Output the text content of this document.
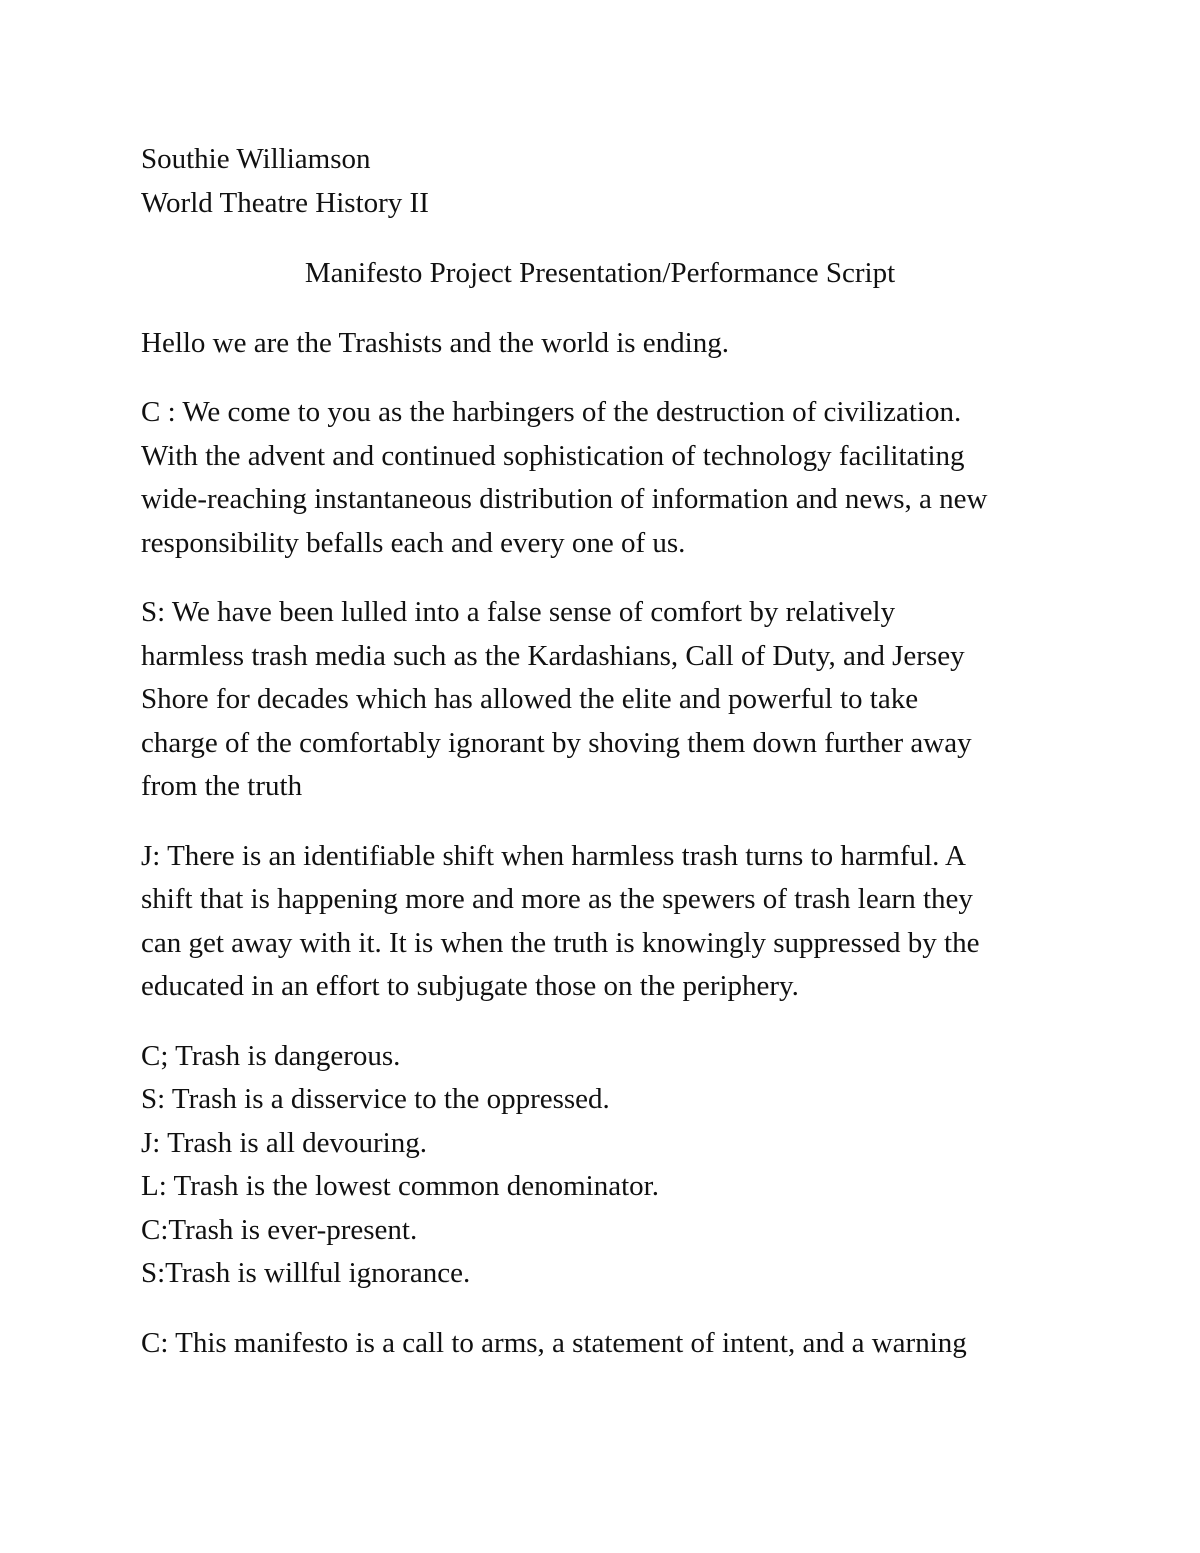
Southie Williamson
World Theatre History II
Manifesto Project Presentation/Performance Script
Hello we are the Trashists and the world is ending.
C : We come to you as the harbingers of the destruction of civilization.
With the advent and continued sophistication of technology facilitating
wide-reaching instantaneous distribution of information and news, a new
responsibility befalls each and every one of us.
S: We have been lulled into a false sense of comfort by relatively
harmless trash media such as the Kardashians, Call of Duty, and Jersey
Shore for decades which has allowed the elite and powerful to take
charge of the comfortably ignorant by shoving them down further away
from the truth
J: There is an identifiable shift when harmless trash turns to harmful. A
shift that is happening more and more as the spewers of trash learn they
can get away with it. It is when the truth is knowingly suppressed by the
educated in an effort to subjugate those on the periphery.
C; Trash is dangerous.
S: Trash is a disservice to the oppressed.
J: Trash is all devouring.
L: Trash is the lowest common denominator.
C:Trash is ever-present.
S:Trash is willful ignorance.
C: This manifesto is a call to arms, a statement of intent, and a warning
